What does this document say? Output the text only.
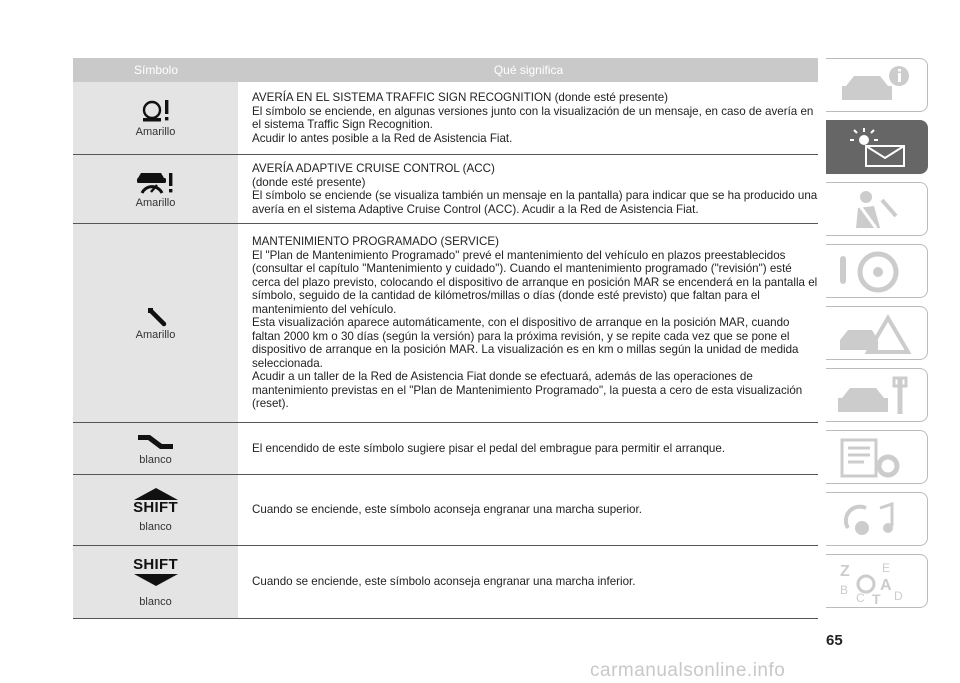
Símbolo	Qué significa
Amarillo

AVERÍA EN EL SISTEMA TRAFFIC SIGN RECOGNITION (donde esté presente)

El símbolo se enciende, en algunas versiones junto con la visualización de un mensaje, en caso de avería en el sistema Traffic Sign Recognition.

Acudir lo antes posible a la Red de Asistencia Fiat.

Amarillo

AVERÍA ADAPTIVE CRUISE CONTROL (ACC)

(donde esté presente)

El símbolo se enciende (se visualiza también un mensaje en la pantalla) para indicar que se ha producido una avería en el sistema Adaptive Cruise Control (ACC). Acudir a la Red de Asistencia Fiat.

Amarillo

MANTENIMIENTO PROGRAMADO (SERVICE)

El "Plan de Mantenimiento Programado" prevé el mantenimiento del vehículo en plazos preestablecidos (consultar el capítulo "Mantenimiento y cuidado"). Cuando el mantenimiento programado ("revisión") esté cerca del plazo previsto, colocando el dispositivo de arranque en posición MAR se encenderá en la pantalla el símbolo, seguido de la cantidad de kilómetros/millas o días (donde esté previsto) que faltan para el mantenimiento del vehículo.

Esta visualización aparece automáticamente, con el dispositivo de arranque en la posición MAR, cuando faltan 2000 km o 30 días (según la versión) para la próxima revisión, y se repite cada vez que se pone el dispositivo de arranque en la posición MAR. La visualización es en km o millas según la unidad de medida seleccionada.

Acudir a un taller de la Red de Asistencia Fiat donde se efectuará, además de las operaciones de mantenimiento previstas en el "Plan de Mantenimiento Programado", la puesta a cero de esta visualización (reset).

blanco

El encendido de este símbolo sugiere pisar el pedal del embrague para permitir el arranque.

SHIFT
blanco

Cuando se enciende, este símbolo aconseja engranar una marcha superior.

SHIFT
blanco

Cuando se enciende, este símbolo aconseja engranar una marcha inferior.

Z	E
B A
C T D
65
carmanualsonline.info
